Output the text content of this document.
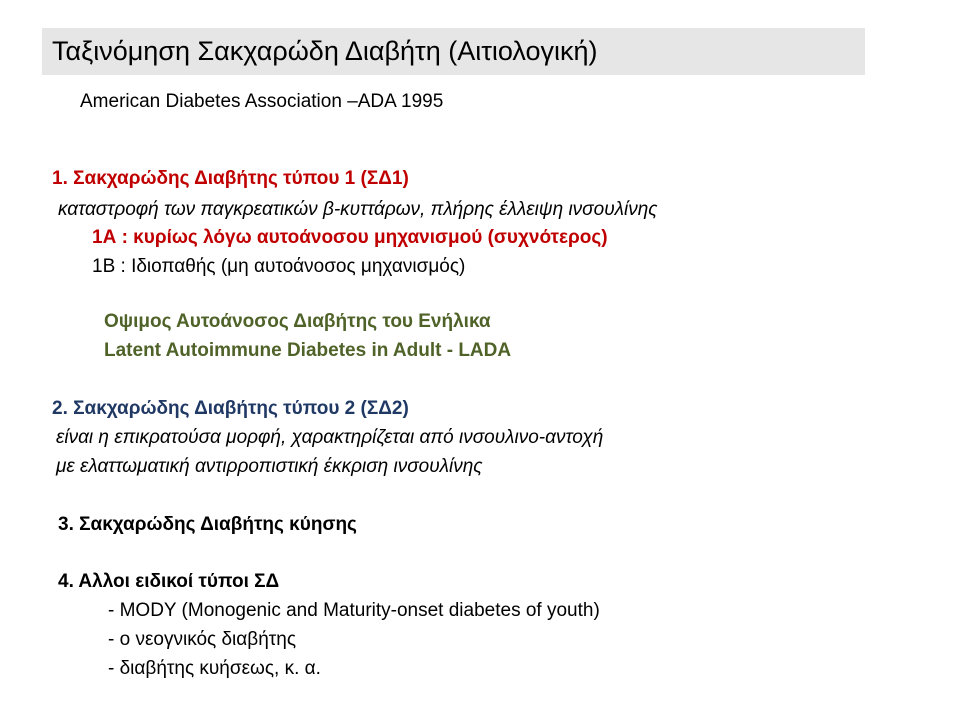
Ταξινόμηση Σακχαρώδη Διαβήτη (Αιτιολογική)
American Diabetes Association –ADA 1995
1. Σακχαρώδης Διαβήτης τύπου 1 (ΣΔ1)
καταστροφή των παγκρεατικών β-κυττάρων, πλήρης έλλειψη ινσουλίνης
1Α : κυρίως λόγω αυτοάνοσου μηχανισμού (συχνότερος)
1Β : Ιδιοπαθής (μη αυτοάνοσος μηχανισμός)
Οψιμος Αυτοάνοσος Διαβήτης του Ενήλικα
Latent Autoimmune Diabetes in Adult - LADA
2. Σακχαρώδης Διαβήτης τύπου 2 (ΣΔ2)
είναι η επικρατούσα μορφή, χαρακτηρίζεται από ινσουλινο-αντοχή
με ελαττωματική αντιρροπιστική έκκριση ινσουλίνης
3. Σακχαρώδης Διαβήτης κύησης
4. Αλλοι ειδικοί τύποι ΣΔ
- MODY (Monogenic and Maturity-onset diabetes of youth)
- ο νεογνικός διαβήτης
- διαβήτης κυήσεως, κ. α.
